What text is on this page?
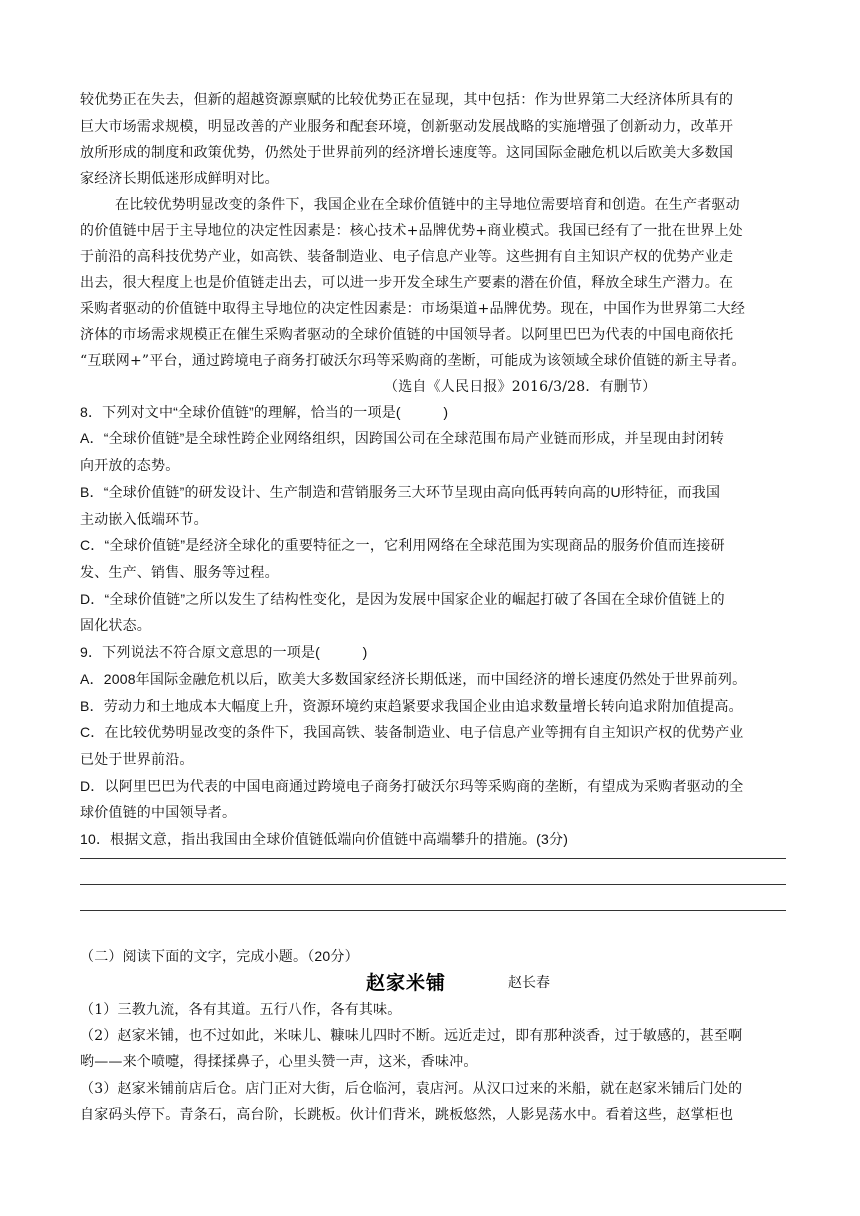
较优势正在失去，但新的超越资源禀赋的比较优势正在显现，其中包括：作为世界第二大经济体所具有的
巨大市场需求规模，明显改善的产业服务和配套环境，创新驱动发展战略的实施增强了创新动力，改革开
放所形成的制度和政策优势，仍然处于世界前列的经济增长速度等。这同国际金融危机以后欧美大多数国
家经济长期低迷形成鲜明对比。
在比较优势明显改变的条件下，我国企业在全球价值链中的主导地位需要培育和创造。在生产者驱动
的价值链中居于主导地位的决定性因素是：核心技术+品牌优势+商业模式。我国已经有了一批在世界上处
于前沿的高科技优势产业，如高铁、装备制造业、电子信息产业等。这些拥有自主知识产权的优势产业走
出去，很大程度上也是价值链走出去，可以进一步开发全球生产要素的潜在价值，释放全球生产潜力。在
采购者驱动的价值链中取得主导地位的决定性因素是：市场渠道+品牌优势。现在，中国作为世界第二大经
济体的市场需求规模正在催生采购者驱动的全球价值链的中国领导者。以阿里巴巴为代表的中国电商依托
“互联网+”平台，通过跨境电子商务打破沃尔玛等采购商的垄断，可能成为该领域全球价值链的新主导者。
（选自《人民日报》2016/3/28．有删节）
8．下列对文中“全球价值链”的理解，恰当的一项是(　　　)
A．“全球价值链”是全球性跨企业网络组织，因跨国公司在全球范围布局产业链而形成，并呈现由封闭转
向开放的态势。
B．“全球价值链”的研发设计、生产制造和营销服务三大环节呈现由高向低再转向高的U形特征，而我国
主动嵌入低端环节。
C．“全球价值链”是经济全球化的重要特征之一，它利用网络在全球范围为实现商品的服务价值而连接研
发、生产、销售、服务等过程。
D．“全球价值链”之所以发生了结构性变化，是因为发展中国家企业的崛起打破了各国在全球价值链上的
固化状态。
9．下列说法不符合原文意思的一项是(　　　)
A．2008年国际金融危机以后，欧美大多数国家经济长期低迷，而中国经济的增长速度仍然处于世界前列。
B．劳动力和土地成本大幅度上升，资源环境约束趋紧要求我国企业由追求数量增长转向追求附加值提高。
C．在比较优势明显改变的条件下，我国高铁、装备制造业、电子信息产业等拥有自主知识产权的优势产业
已处于世界前沿。
D．以阿里巴巴为代表的中国电商通过跨境电子商务打破沃尔玛等采购商的垄断，有望成为采购者驱动的全
球价值链的中国领导者。
10．根据文意，指出我国由全球价值链低端向价值链中高端攀升的措施。(3分)
（二）阅读下面的文字，完成小题。（20分）
赵家米铺	赵长春
（1）三教九流，各有其道。五行八作，各有其味。
（2）赵家米铺，也不过如此，米味儿、糠味儿四时不断。远近走过，即有那种淡香，过于敏感的，甚至啊
哟——来个喷嚏，得揉揉鼻子，心里头赞一声，这米，香味冲。
（3）赵家米铺前店后仓。店门正对大街，后仓临河，袁店河。从汉口过来的米船，就在赵家米铺后门处的
自家码头停下。青条石，高台阶，长跳板。伙计们背米，跳板悠然，人影晃荡水中。看着这些，赵掌柜也
